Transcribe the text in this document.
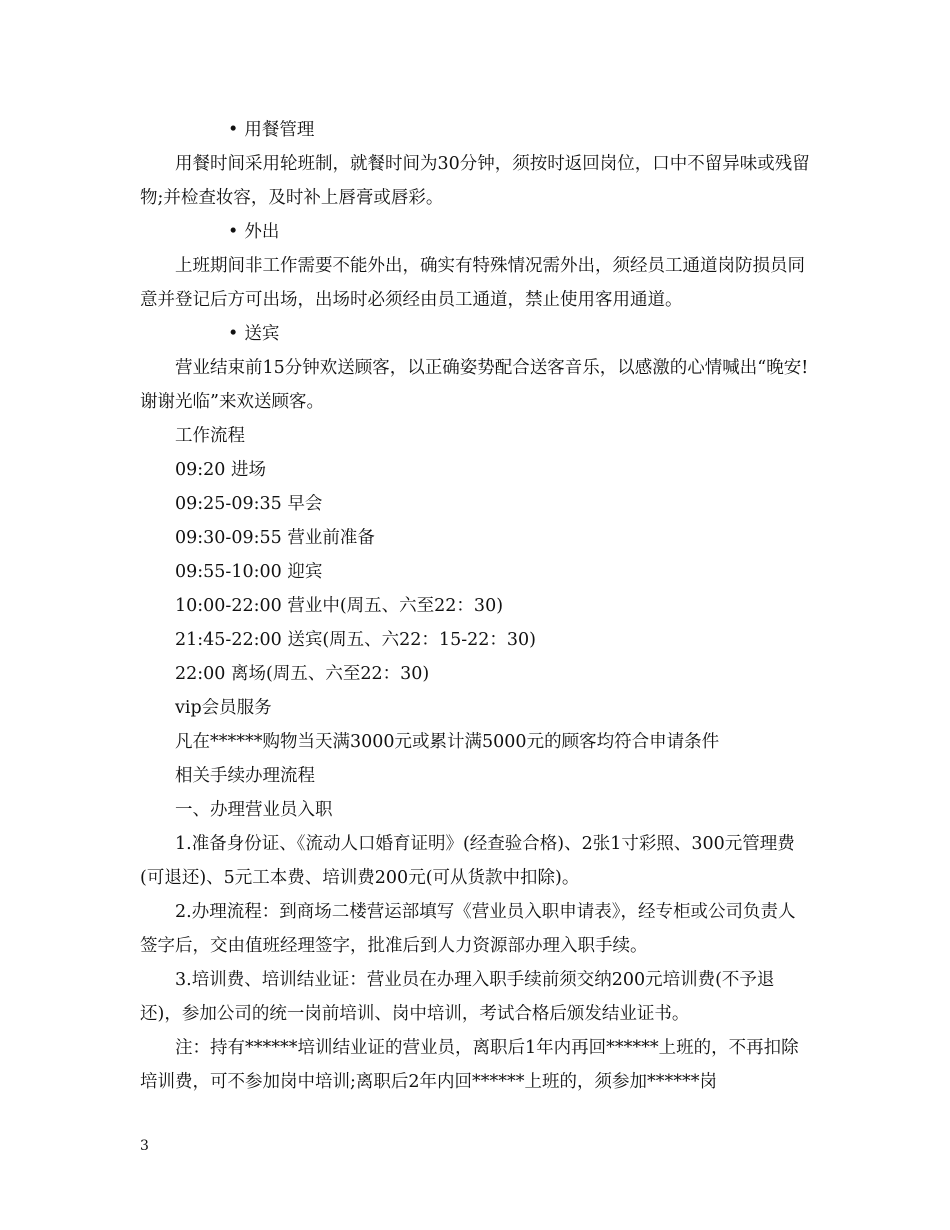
• 用餐管理

用餐时间采用轮班制，就餐时间为30分钟，须按时返回岗位，口中不留异味或残留物;并检查妆容，及时补上唇膏或唇彩。

• 外出

上班期间非工作需要不能外出，确实有特殊情况需外出，须经员工通道岗防损员同意并登记后方可出场，出场时必须经由员工通道，禁止使用客用通道。

• 送宾

营业结束前15分钟欢送顾客，以正确姿势配合送客音乐，以感激的心情喊出“晚安!谢谢光临”来欢送顾客。

工作流程

09:20 进场

09:25-09:35 早会

09:30-09:55 营业前准备

09:55-10:00 迎宾

10:00-22:00 营业中(周五、六至22：30)

21:45-22:00 送宾(周五、六22：15-22：30)

22:00 离场(周五、六至22：30)

vip会员服务

凡在******购物当天满3000元或累计满5000元的顾客均符合申请条件

相关手续办理流程

一、办理营业员入职

1.准备身份证、《流动人口婚育证明》(经查验合格)、2张1寸彩照、300元管理费(可退还)、5元工本费、培训费200元(可从货款中扣除)。

2.办理流程：到商场二楼营运部填写《营业员入职申请表》，经专柜或公司负责人签字后，交由值班经理签字，批准后到人力资源部办理入职手续。

3.培训费、培训结业证：营业员在办理入职手续前须交纳200元培训费(不予退还)，参加公司的统一岗前培训、岗中培训，考试合格后颁发结业证书。

注：持有******培训结业证的营业员，离职后1年内再回******上班的，不再扣除培训费，可不参加岗中培训;离职后2年内回******上班的，须参加******岗

3
